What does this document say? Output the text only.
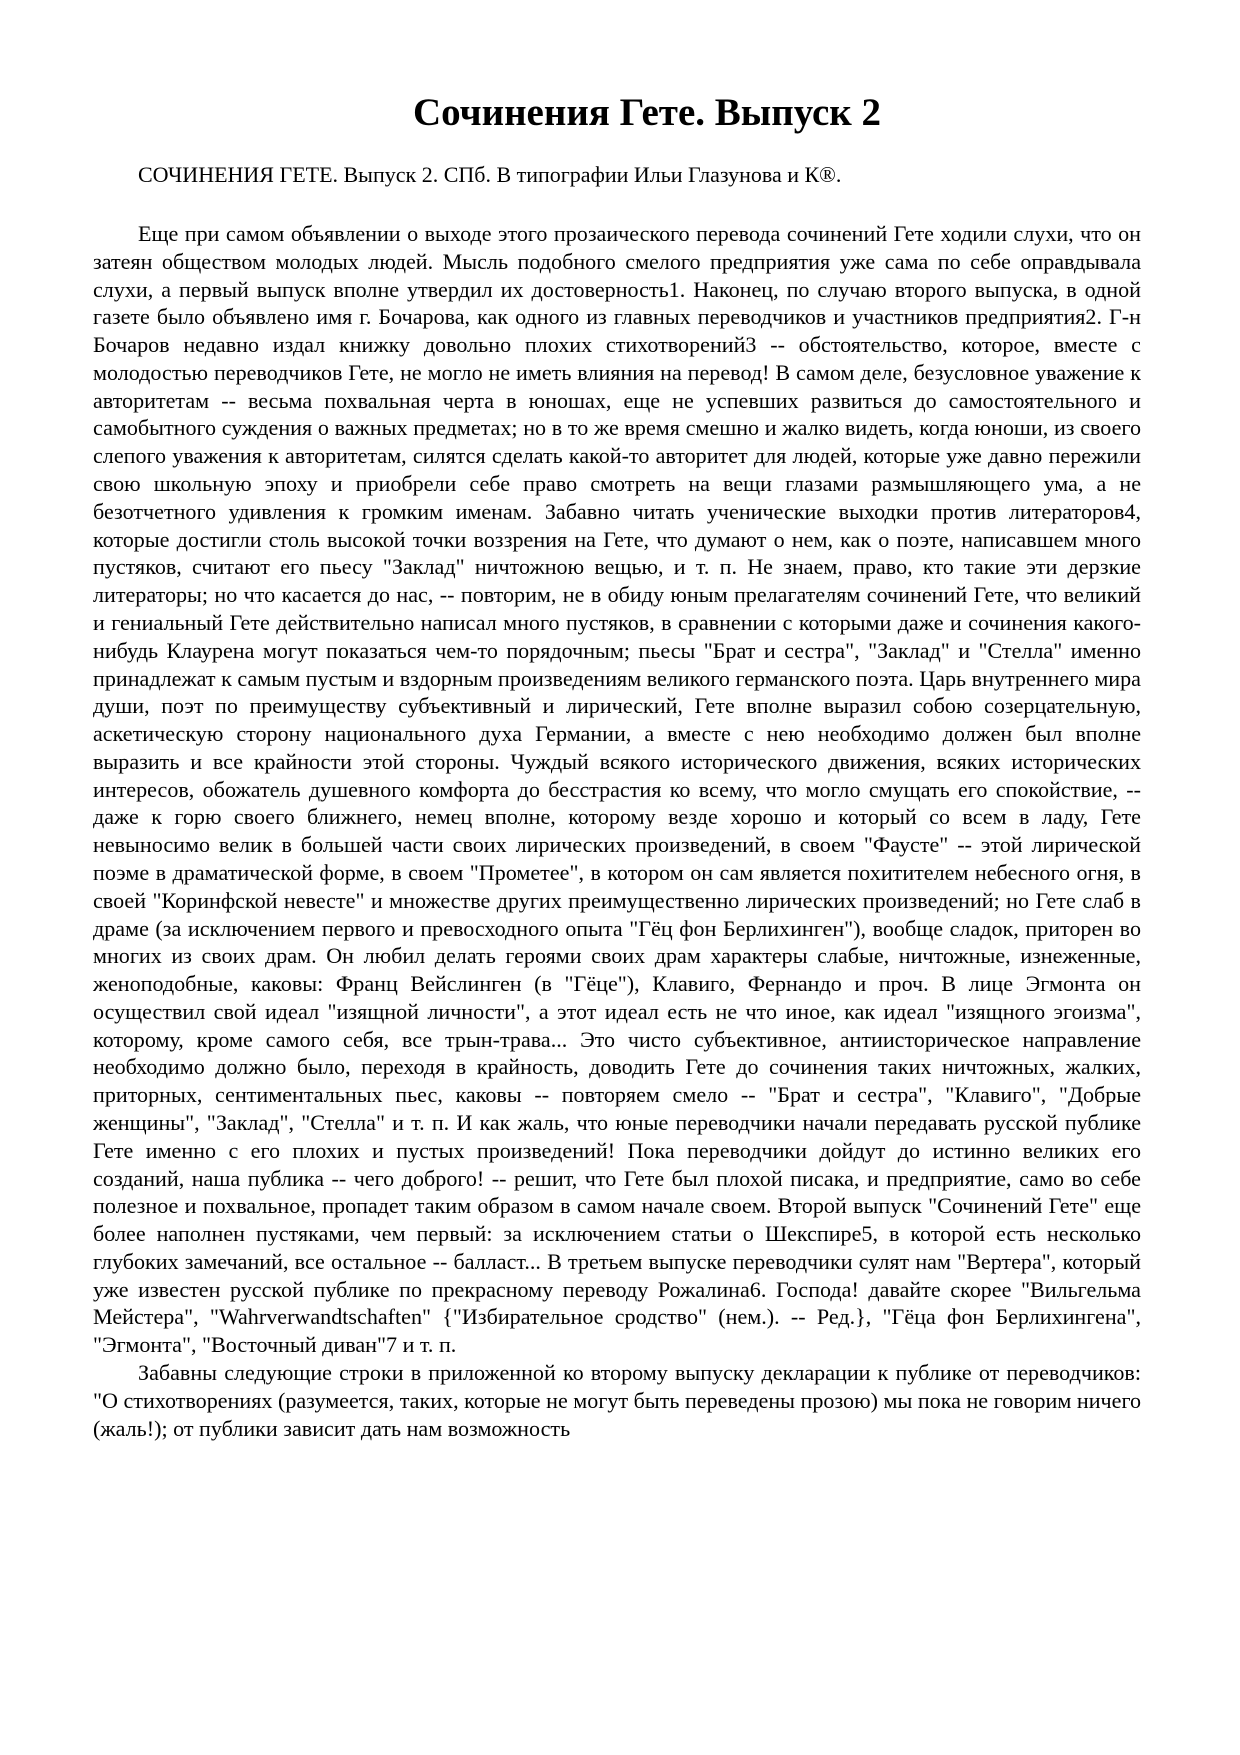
Сочинения Гете. Выпуск 2

СОЧИНЕНИЯ ГЕТЕ. Выпуск 2. СПб. В типографии Ильи Глазунова и К®.

Еще при самом объявлении о выходе этого прозаического перевода сочинений Гете ходили слухи, что он затеян обществом молодых людей. Мысль подобного смелого предприятия уже сама по себе оправдывала слухи, а первый выпуск вполне утвердил их достоверность1. Наконец, по случаю второго выпуска, в одной газете было объявлено имя г. Бочарова, как одного из главных переводчиков и участников предприятия2. Г-н Бочаров недавно издал книжку довольно плохих стихотворений3 -- обстоятельство, которое, вместе с молодостью переводчиков Гете, не могло не иметь влияния на перевод! В самом деле, безусловное уважение к авторитетам -- весьма похвальная черта в юношах, еще не успевших развиться до самостоятельного и самобытного суждения о важных предметах; но в то же время смешно и жалко видеть, когда юноши, из своего слепого уважения к авторитетам, силятся сделать какой-то авторитет для людей, которые уже давно пережили свою школьную эпоху и приобрели себе право смотреть на вещи глазами размышляющего ума, а не безотчетного удивления к громким именам. Забавно читать ученические выходки против литераторов4, которые достигли столь высокой точки воззрения на Гете, что думают о нем, как о поэте, написавшем много пустяков, считают его пьесу "Заклад" ничтожною вещью, и т. п. Не знаем, право, кто такие эти дерзкие литераторы; но что касается до нас, -- повторим, не в обиду юным прелагателям сочинений Гете, что великий и гениальный Гете действительно написал много пустяков, в сравнении с которыми даже и сочинения какого-нибудь Клаурена могут показаться чем-то порядочным; пьесы "Брат и сестра", "Заклад" и "Стелла" именно принадлежат к самым пустым и вздорным произведениям великого германского поэта. Царь внутреннего мира души, поэт по преимуществу субъективный и лирический, Гете вполне выразил собою созерцательную, аскетическую сторону национального духа Германии, а вместе с нею необходимо должен был вполне выразить и все крайности этой стороны. Чуждый всякого исторического движения, всяких исторических интересов, обожатель душевного комфорта до бесстрастия ко всему, что могло смущать его спокойствие, -- даже к горю своего ближнего, немец вполне, которому везде хорошо и который со всем в ладу, Гете невыносимо велик в большей части своих лирических произведений, в своем "Фаусте" -- этой лирической поэме в драматической форме, в своем "Прометее", в котором он сам является похитителем небесного огня, в своей "Коринфской невесте" и множестве других преимущественно лирических произведений; но Гете слаб в драме (за исключением первого и превосходного опыта "Гёц фон Берлихинген"), вообще сладок, приторен во многих из своих драм. Он любил делать героями своих драм характеры слабые, ничтожные, изнеженные, женоподобные, каковы: Франц Вейслинген (в "Гёце"), Клавиго, Фернандо и проч. В лице Эгмонта он осуществил свой идеал "изящной личности", а этот идеал есть не что иное, как идеал "изящного эгоизма", которому, кроме самого себя, все трын-трава... Это чисто субъективное, антиисторическое направление необходимо должно было, переходя в крайность, доводить Гете до сочинения таких ничтожных, жалких, приторных, сентиментальных пьес, каковы -- повторяем смело -- "Брат и сестра", "Клавиго", "Добрые женщины", "Заклад", "Стелла" и т. п. И как жаль, что юные переводчики начали передавать русской публике Гете именно с его плохих и пустых произведений! Пока переводчики дойдут до истинно великих его созданий, наша публика -- чего доброго! -- решит, что Гете был плохой писака, и предприятие, само во себе полезное и похвальное, пропадет таким образом в самом начале своем. Второй выпуск "Сочинений Гете" еще более наполнен пустяками, чем первый: за исключением статьи о Шекспире5, в которой есть несколько глубоких замечаний, все остальное -- балласт... В третьем выпуске переводчики сулят нам "Вертера", который уже известен русской публике по прекрасному переводу Рожалина6. Господа! давайте скорее "Вильгельма Мейстера", "Wahrverwandtschaften" {"Избирательное сродство" (нем.). -- Ред.}, "Гёца фон Берлихингена", "Эгмонта", "Восточный диван"7 и т. п.

Забавны следующие строки в приложенной ко второму выпуску декларации к публике от переводчиков: "О стихотворениях (разумеется, таких, которые не могут быть переведены прозою) мы пока не говорим ничего (жаль!); от публики зависит дать нам возможность
